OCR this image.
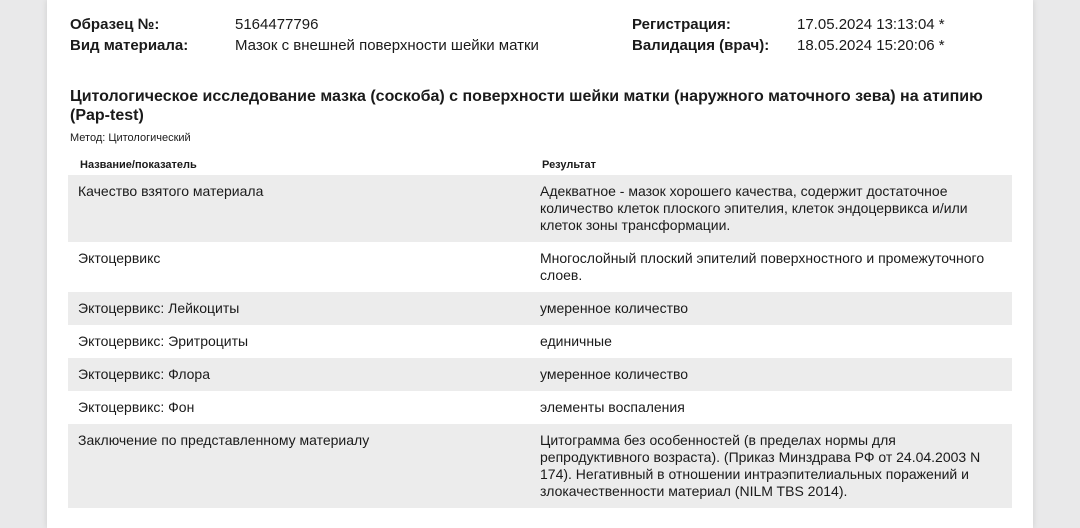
Образец №:	5164477796
Вид материала:	Мазок с внешней поверхности шейки матки
Регистрация:	17.05.2024 13:13:04 *
Валидация (врач): 18.05.2024 15:20:06 *
Цитологическое исследование мазка (соскоба) с поверхности шейки матки (наружного маточного зева) на атипию (Pap-test)
Метод: Цитологический
Название/показатель	Результат
Качество взятого материала	Адекватное - мазок хорошего качества, содержит достаточное количество клеток плоского эпителия, клеток эндоцервикса и/или клеток зоны трансформации.
Эктоцервикс	Многослойный плоский эпителий поверхностного и промежуточного слоев.
Эктоцервикс: Лейкоциты	умеренное количество
Эктоцервикс: Эритроциты	единичные
Эктоцервикс: Флора	умеренное количество
Эктоцервикс: Фон	элементы воспаления
Заключение по представленному материалу	Цитограмма без особенностей (в пределах нормы для репродуктивного возраста). (Приказ Минздрава РФ от 24.04.2003 N 174). Негативный в отношении интраэпителиальных поражений и злокачественности материал (NILM TBS 2014).
